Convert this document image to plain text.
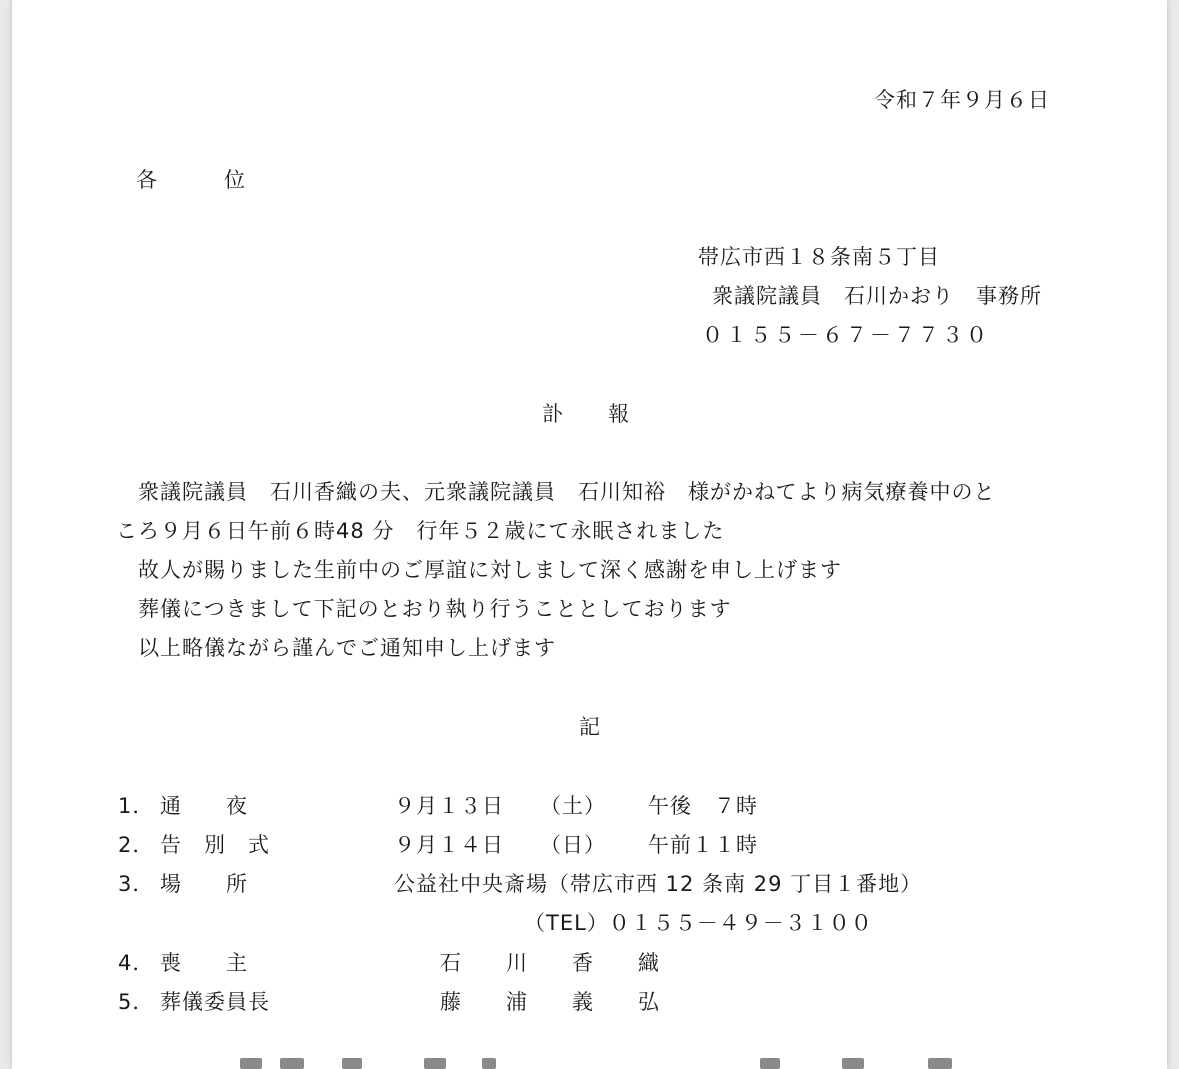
令和７年９月６日
各　　　位
帯広市西１８条南５丁目
衆議院議員　石川かおり　事務所
０１５５－６７－７７３０
訃　　報
　衆議院議員　石川香織の夫、元衆議院議員　石川知裕　様がかねてより病気療養中のと
ころ９月６日午前６時48 分　行年５２歳にて永眠されました
　故人が賜りました生前中のご厚誼に対しまして深く感謝を申し上げます
　葬儀につきまして下記のとおり執り行うこととしております
　以上略儀ながら謹んでご通知申し上げます
記
1． 通　　夜	９月１３日 （土） 午後　７時
2． 告　別　式	９月１４日 （日） 午前１１時
3． 場　　所	公益社中央斎場（帯広市西 12 条南 29 丁目１番地）
（TEL）０１５５－４９－３１００
4． 喪　　主	石　　川　　香　　織
5． 葬儀委員長	藤　　浦　　義　　弘
